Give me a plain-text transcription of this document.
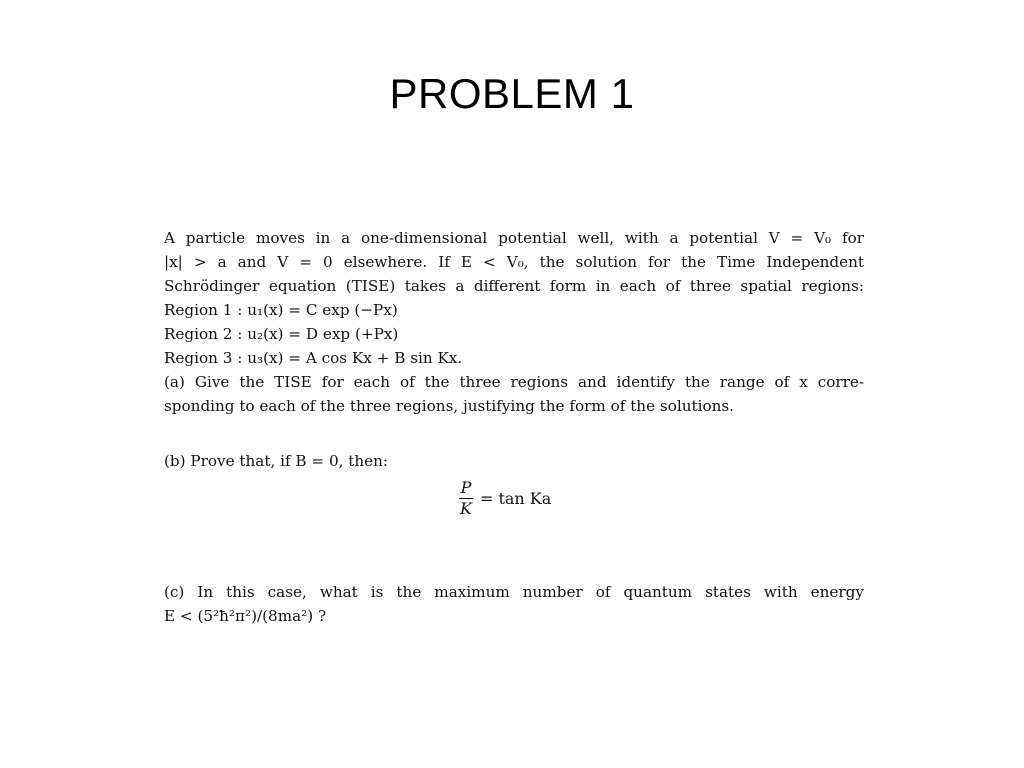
PROBLEM 1
A particle moves in a one-dimensional potential well, with a potential V = V₀ for
|x| > a and V = 0 elsewhere. If E < V₀, the solution for the Time Independent
Schrödinger equation (TISE) takes a different form in each of three spatial regions:
Region 1 : u₁(x) = C exp (−Px)
Region 2 : u₂(x) = D exp (+Px)
Region 3 : u₃(x) = A cos Kx + B sin Kx.
(a) Give the TISE for each of the three regions and identify the range of x corre-
sponding to each of the three regions, justifying the form of the solutions.
(b) Prove that, if B = 0, then:
$\frac{P}{K} = \tan Ka$
(c) In this case, what is the maximum number of quantum states with energy
E < (5²ħ²π²)/(8ma²) ?
